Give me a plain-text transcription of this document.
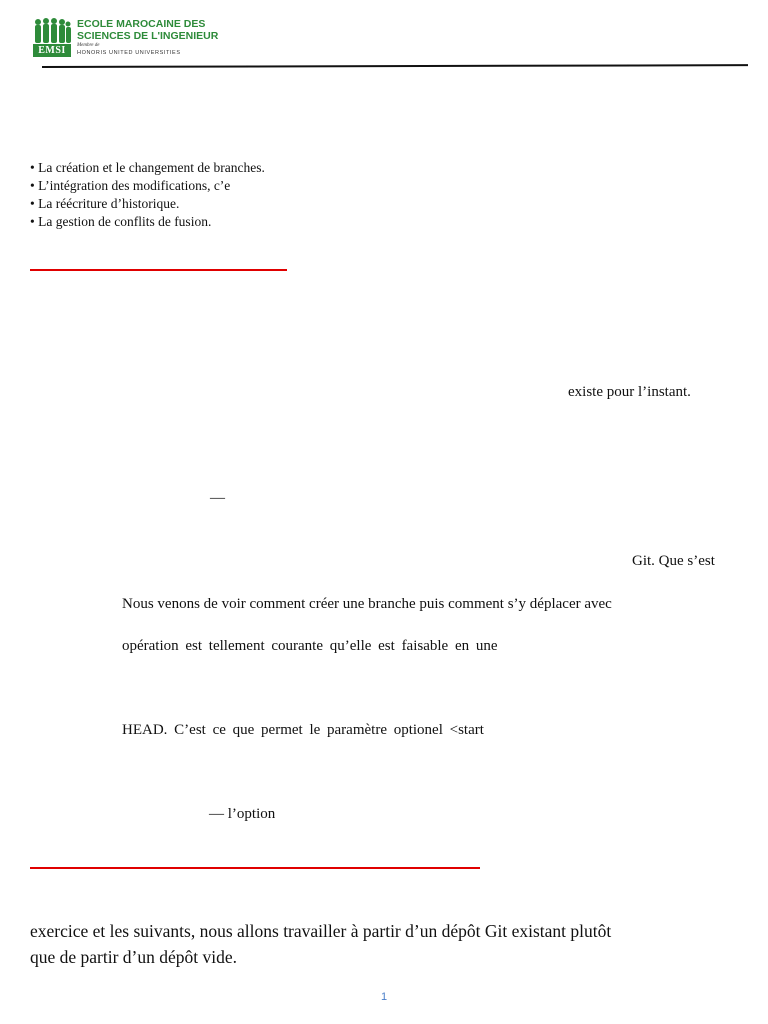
EMSI
ECOLE MAROCAINE DES
SCIENCES DE L'INGENIEUR
Membre de
HONORIS UNITED UNIVERSITIES
• La création et le changement de branches.
• L’intégration des modifications, c’e
• La réécriture d’historique.
• La gestion de conflits de fusion.
existe pour l’instant.
—
Git. Que s’est
Nous venons de voir comment créer une branche puis comment s’y déplacer avec
opération est tellement courante qu’elle est faisable en une
HEAD. C’est ce que permet le paramètre optionel <start
— l’option
exercice et les suivants, nous allons travailler à partir d’un dépôt Git existant plutôt
que de partir d’un dépôt vide.
1
